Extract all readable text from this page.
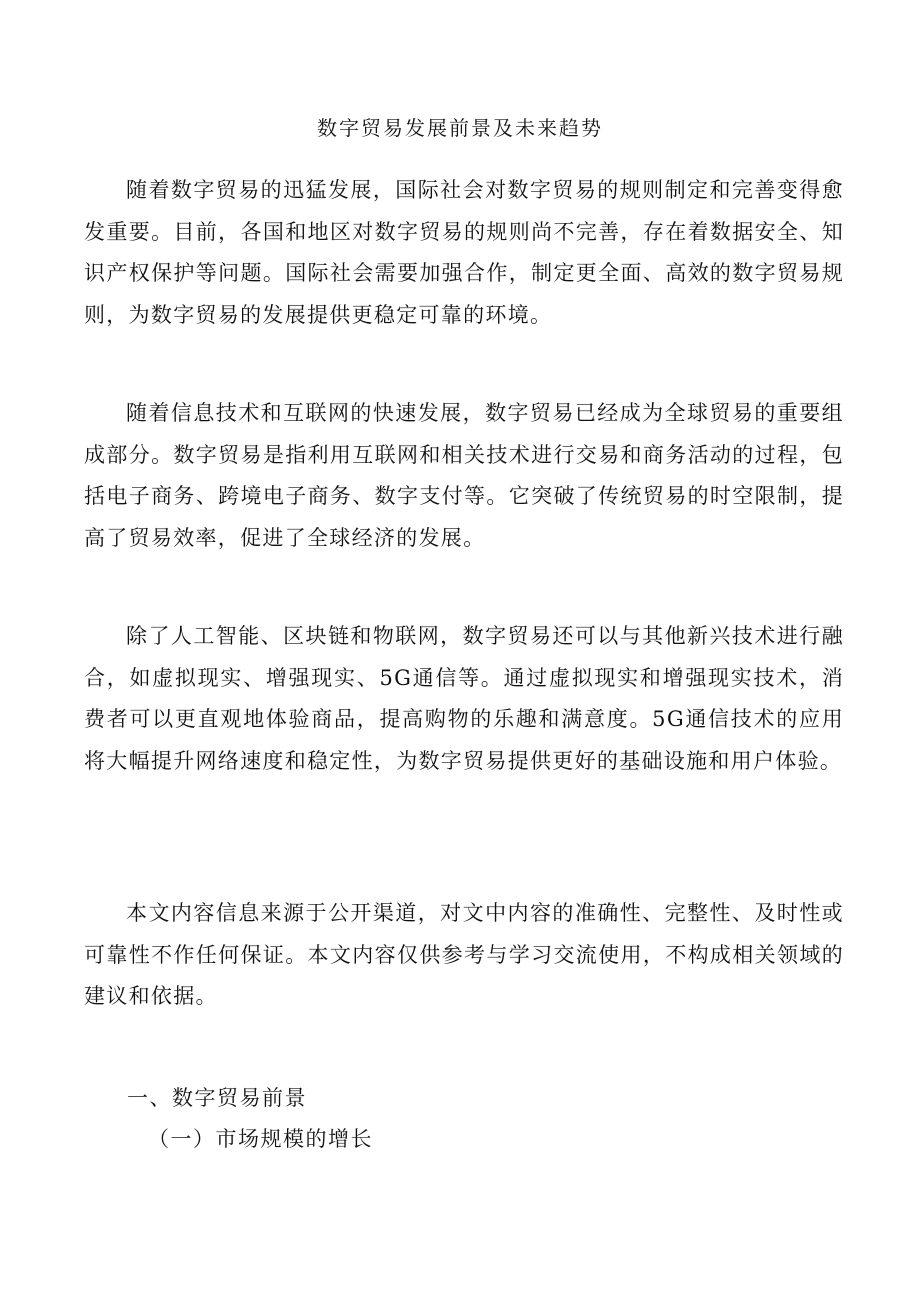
数字贸易发展前景及未来趋势

随着数字贸易的迅猛发展，国际社会对数字贸易的规则制定和完善变得愈发重要。目前，各国和地区对数字贸易的规则尚不完善，存在着数据安全、知识产权保护等问题。国际社会需要加强合作，制定更全面、高效的数字贸易规则，为数字贸易的发展提供更稳定可靠的环境。

随着信息技术和互联网的快速发展，数字贸易已经成为全球贸易的重要组成部分。数字贸易是指利用互联网和相关技术进行交易和商务活动的过程，包括电子商务、跨境电子商务、数字支付等。它突破了传统贸易的时空限制，提高了贸易效率，促进了全球经济的发展。

除了人工智能、区块链和物联网，数字贸易还可以与其他新兴技术进行融合，如虚拟现实、增强现实、5G通信等。通过虚拟现实和增强现实技术，消费者可以更直观地体验商品，提高购物的乐趣和满意度。5G通信技术的应用将大幅提升网络速度和稳定性，为数字贸易提供更好的基础设施和用户体验。

本文内容信息来源于公开渠道，对文中内容的准确性、完整性、及时性或可靠性不作任何保证。本文内容仅供参考与学习交流使用，不构成相关领域的建议和依据。

一、数字贸易前景

（一）市场规模的增长
